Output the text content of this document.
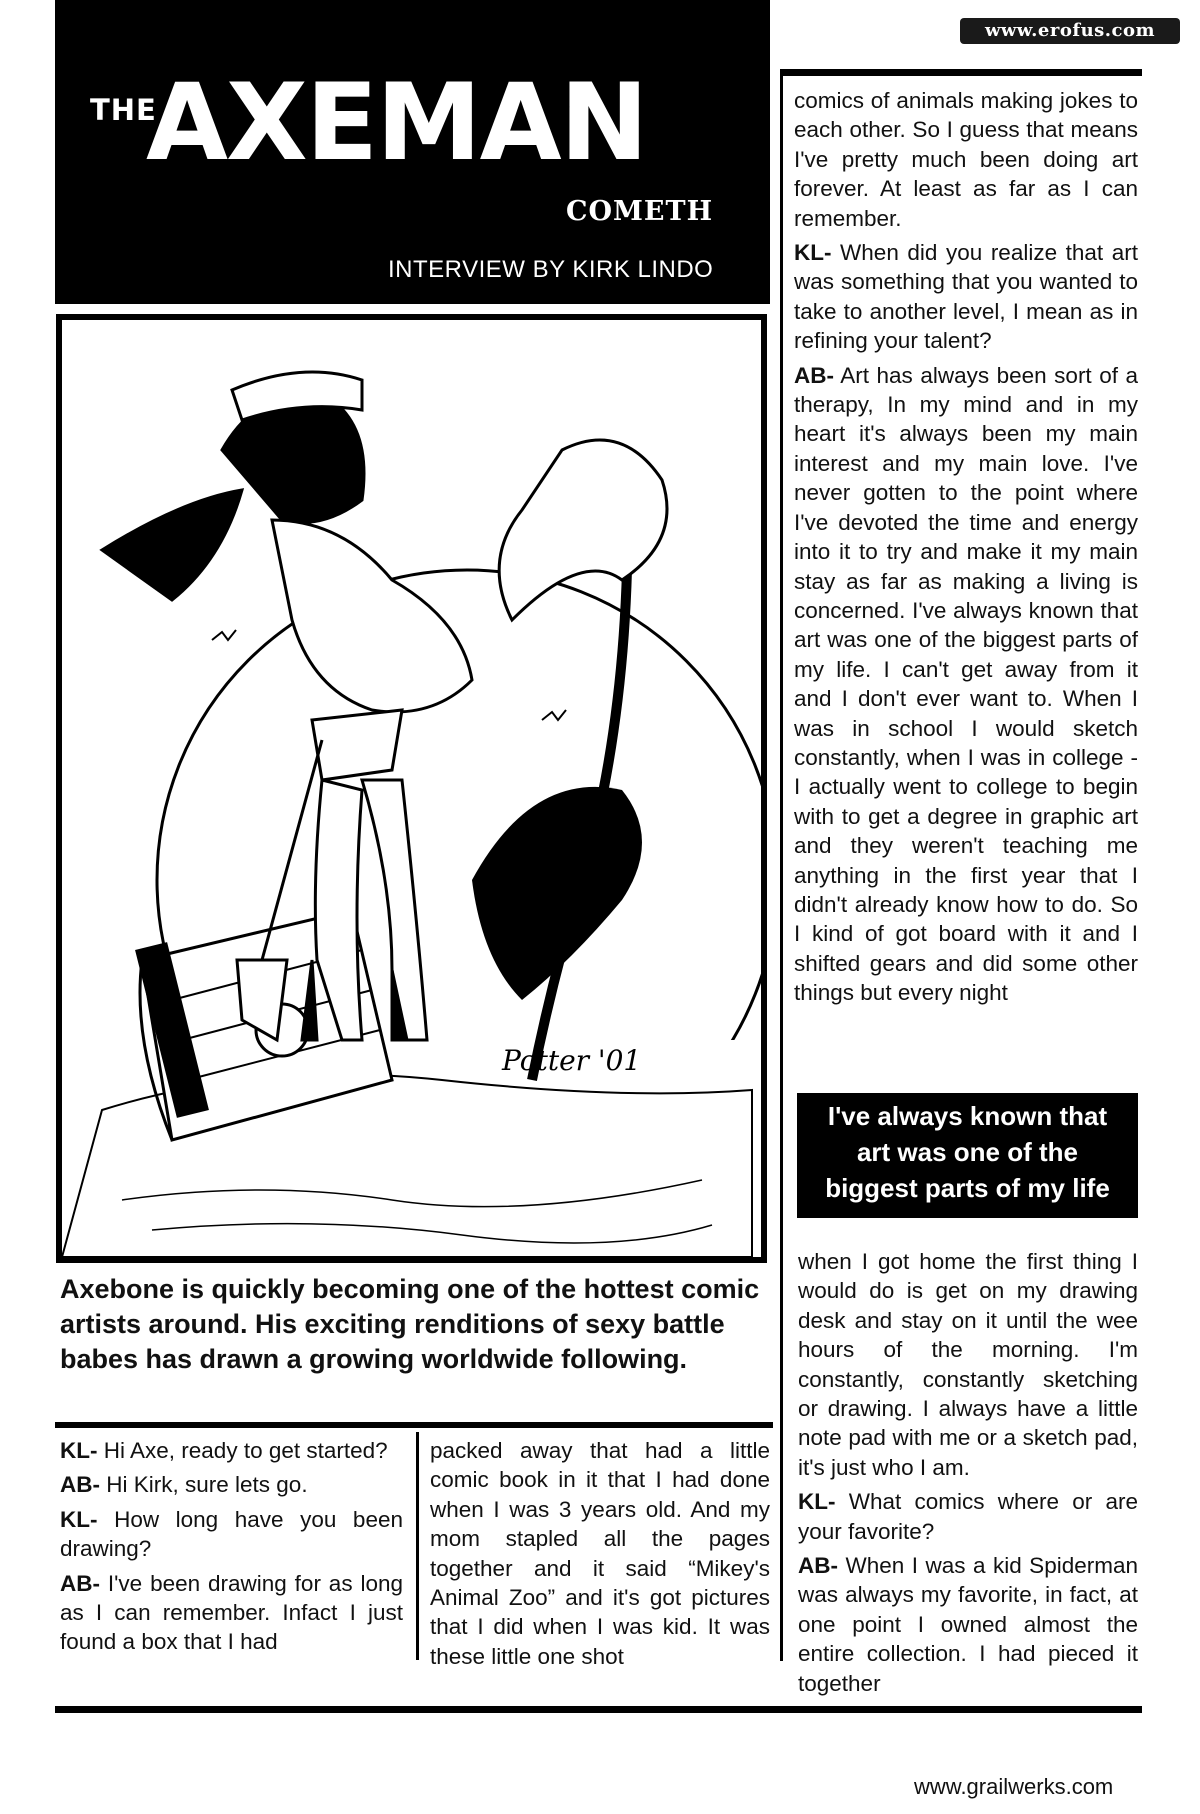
www.erofus.com
THE
AXEMAN
COMETH
INTERVIEW BY KIRK LINDO
Potter '01
Axebone is quickly becoming one of the hottest comic artists around. His exciting renditions of sexy battle babes has drawn a growing worldwide following.

KL- Hi Axe, ready to get started?

AB- Hi Kirk, sure lets go.

KL- How long have you been drawing?

AB- I've been drawing for as long as I can remember. Infact I just found a box that I had

packed away that had a little comic book in it that I had done when I was 3 years old. And my mom stapled all the pages together and it said “Mikey's Animal Zoo” and it's got pictures that I did when I was kid. It was these little one shot

comics of animals making jokes to each other. So I guess that means I've pretty much been doing art forever. At least as far as I can remember.

KL- When did you realize that art was something that you wanted to take to another level, I mean as in refining your talent?

AB- Art has always been sort of a therapy, In my mind and in my heart it's always been my main interest and my main love. I've never gotten to the point where I've devoted the time and energy into it to try and make it my main stay as far as making a living is concerned. I've always known that art was one of the biggest parts of my life. I can't get away from it and I don't ever want to. When I was in school I would sketch constantly, when I was in college - I actually went to college to begin with to get a degree in graphic art and they weren't teaching me anything in the first year that I didn't already know how to do. So I kind of got board with it and I shifted gears and did some other things but every night

I've always known that
art was one of the
biggest parts of my life

when I got home the first thing I would do is get on my drawing desk and stay on it until the wee hours of the morning. I'm constantly, constantly sketching or drawing. I always have a little note pad with me or a sketch pad, it's just who I am.

KL- What comics where or are your favorite?

AB- When I was a kid Spiderman was always my favorite, in fact, at one point I owned almost the entire collection. I had pieced it together

www.grailwerks.com
